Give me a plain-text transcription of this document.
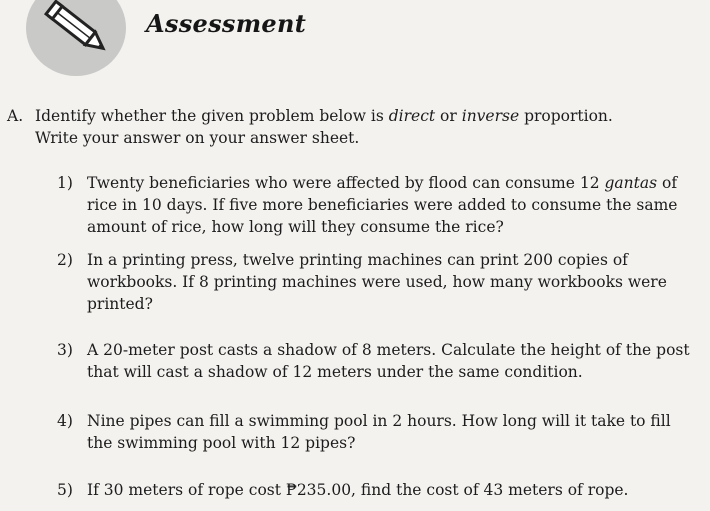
Assessment
A. Identify whether the given problem below is direct or inverse proportion.
Write your answer on your answer sheet.
1) Twenty beneficiaries who were affected by flood can consume 12 gantas of rice in 10 days. If five more beneficiaries were added to consume the same amount of rice, how long will they consume the rice?
2) In a printing press, twelve printing machines can print 200 copies of workbooks. If 8 printing machines were used, how many workbooks were printed?
3) A 20-meter post casts a shadow of 8 meters. Calculate the height of the post that will cast a shadow of 12 meters under the same condition.
4) Nine pipes can fill a swimming pool in 2 hours. How long will it take to fill the swimming pool with 12 pipes?
5) If 30 meters of rope cost ₱235.00, find the cost of 43 meters of rope.
